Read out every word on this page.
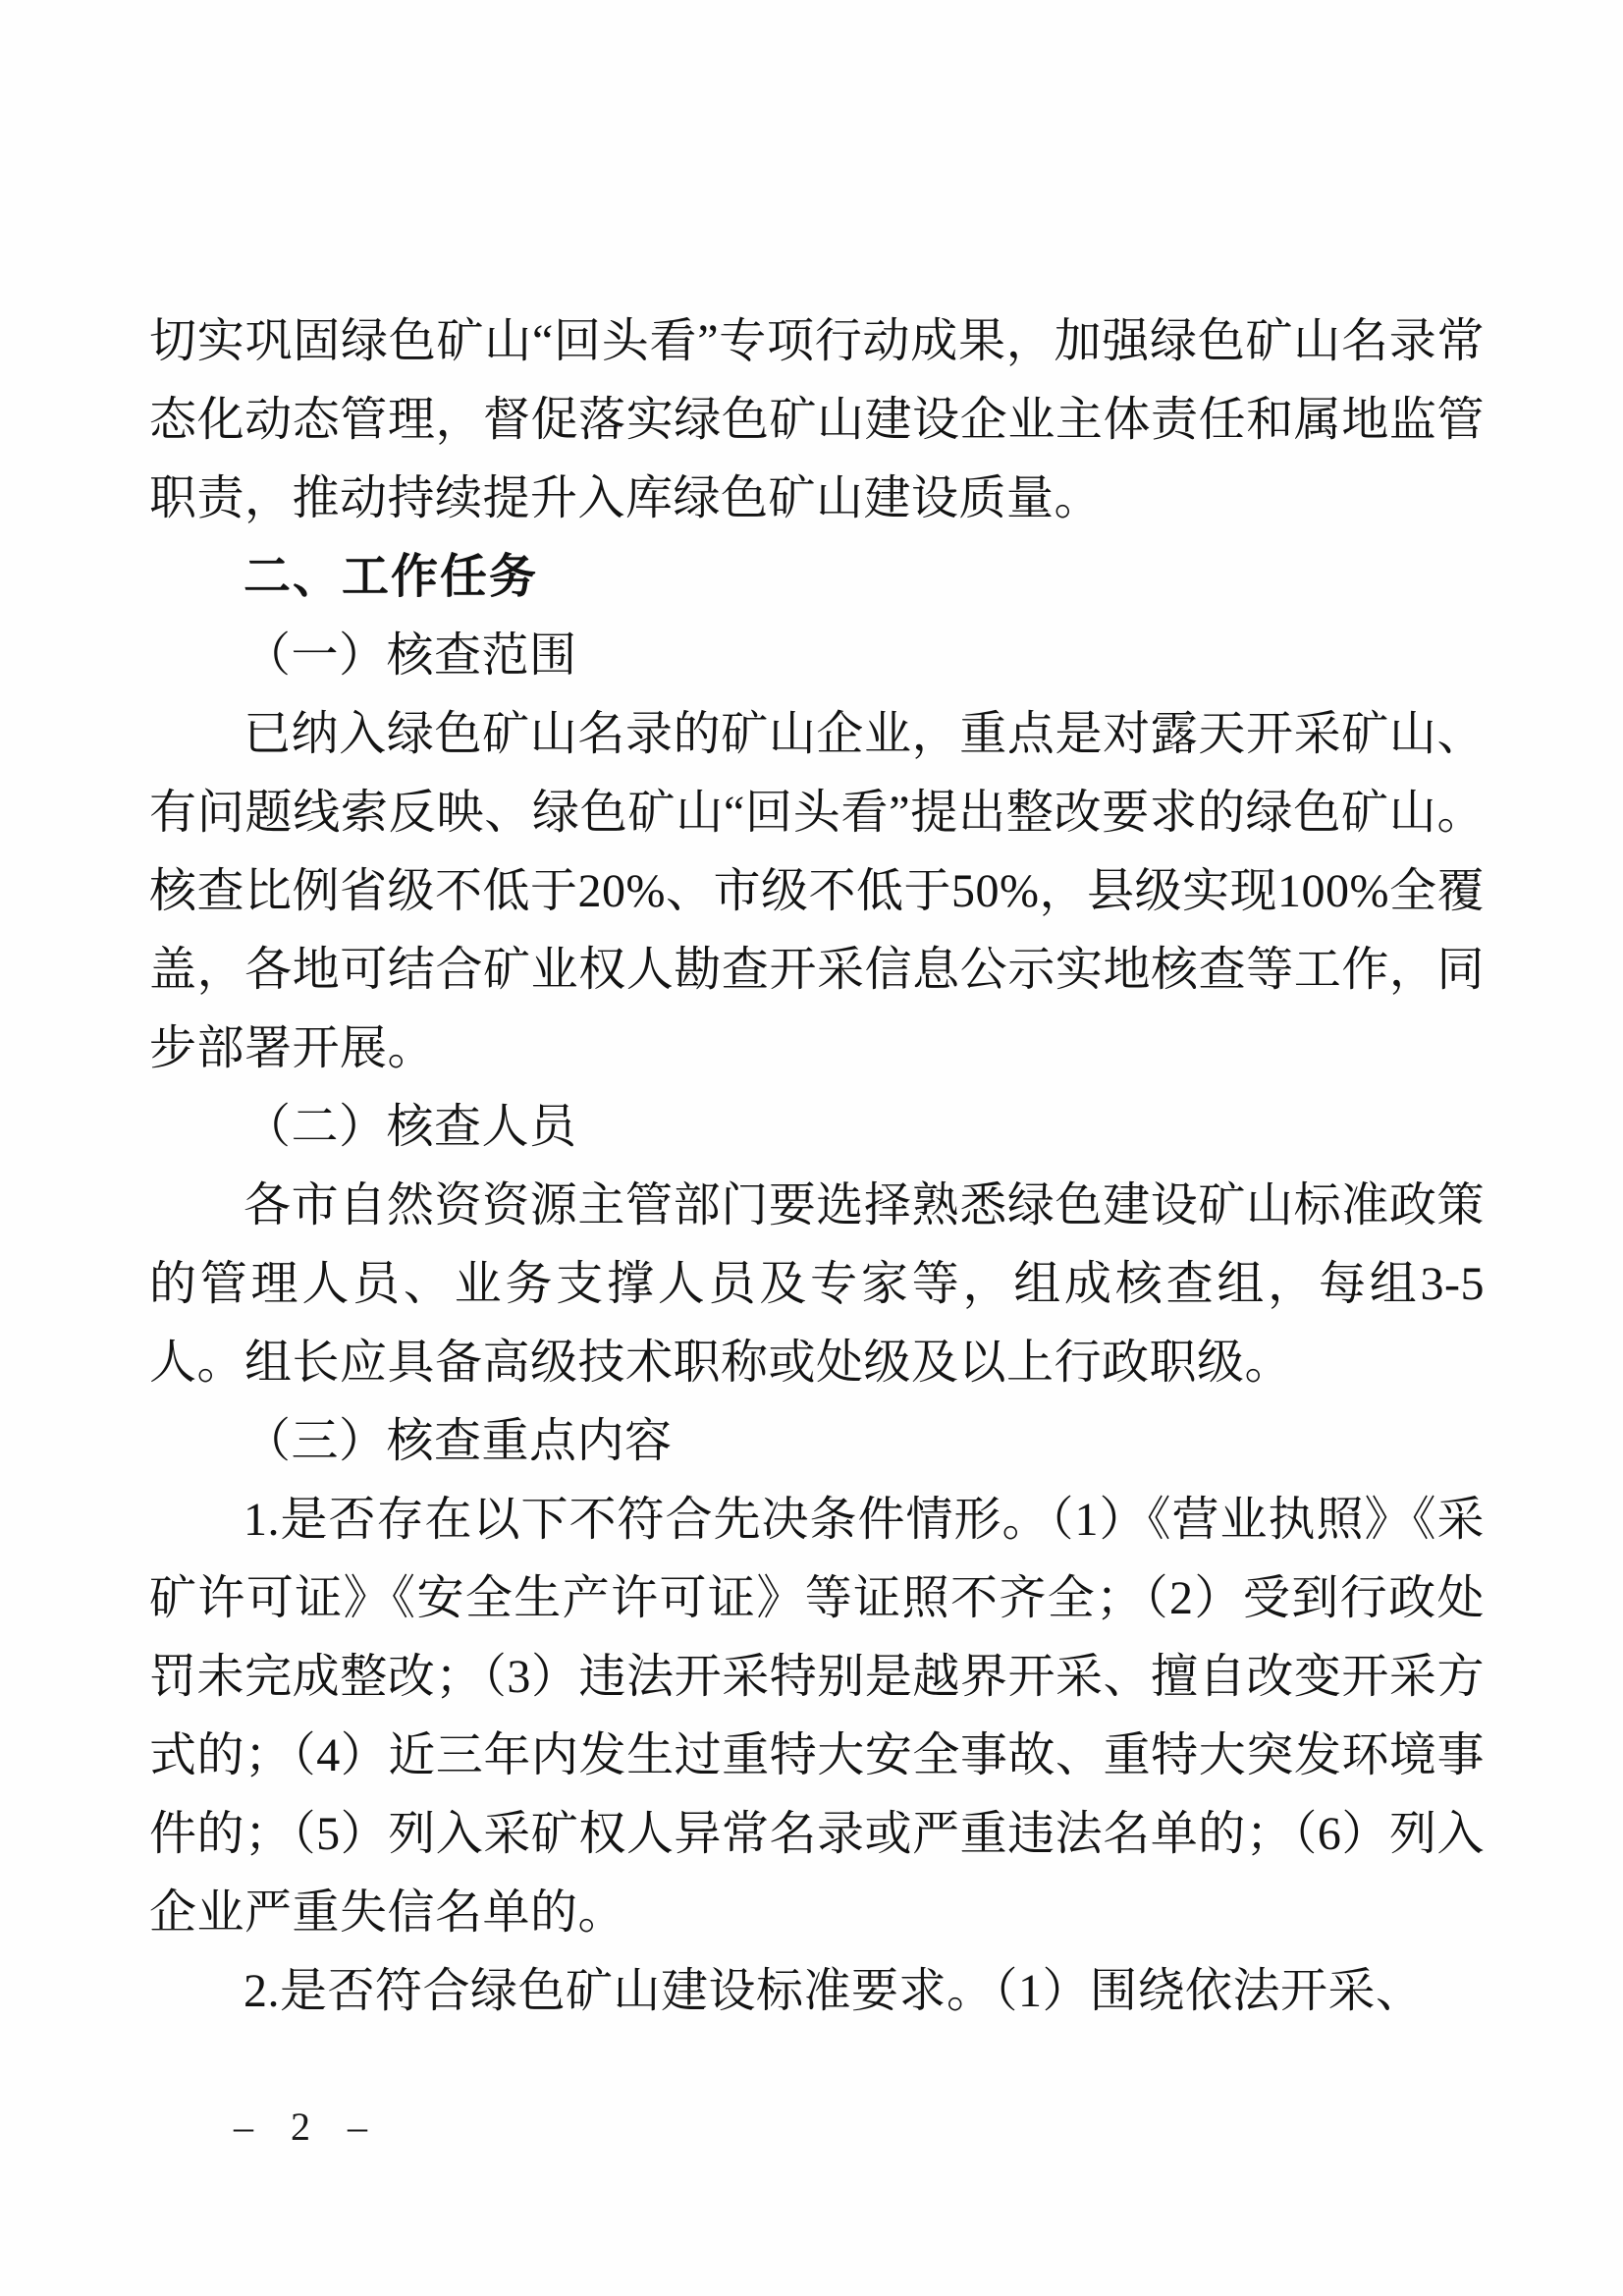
切实巩固绿色矿山“回头看”专项行动成果，加强绿色矿山名录常态化动态管理，督促落实绿色矿山建设企业主体责任和属地监管职责，推动持续提升入库绿色矿山建设质量。

二、工作任务

（一）核查范围

已纳入绿色矿山名录的矿山企业，重点是对露天开采矿山、有问题线索反映、绿色矿山“回头看”提出整改要求的绿色矿山。核查比例省级不低于20%、市级不低于50%，县级实现100%全覆盖，各地可结合矿业权人勘查开采信息公示实地核查等工作，同步部署开展。

（二）核查人员

各市自然资资源主管部门要选择熟悉绿色建设矿山标准政策的管理人员、业务支撑人员及专家等，组成核查组，每组3-5人。组长应具备高级技术职称或处级及以上行政职级。

（三）核查重点内容

1.是否存在以下不符合先决条件情形。（1）《营业执照》《采矿许可证》《安全生产许可证》等证照不齐全；（2）受到行政处罚未完成整改；（3）违法开采特别是越界开采、擅自改变开采方式的；（4）近三年内发生过重特大安全事故、重特大突发环境事件的；（5）列入采矿权人异常名录或严重违法名单的；（6）列入企业严重失信名单的。

2.是否符合绿色矿山建设标准要求。（1）围绕依法开采、

– 2 –
